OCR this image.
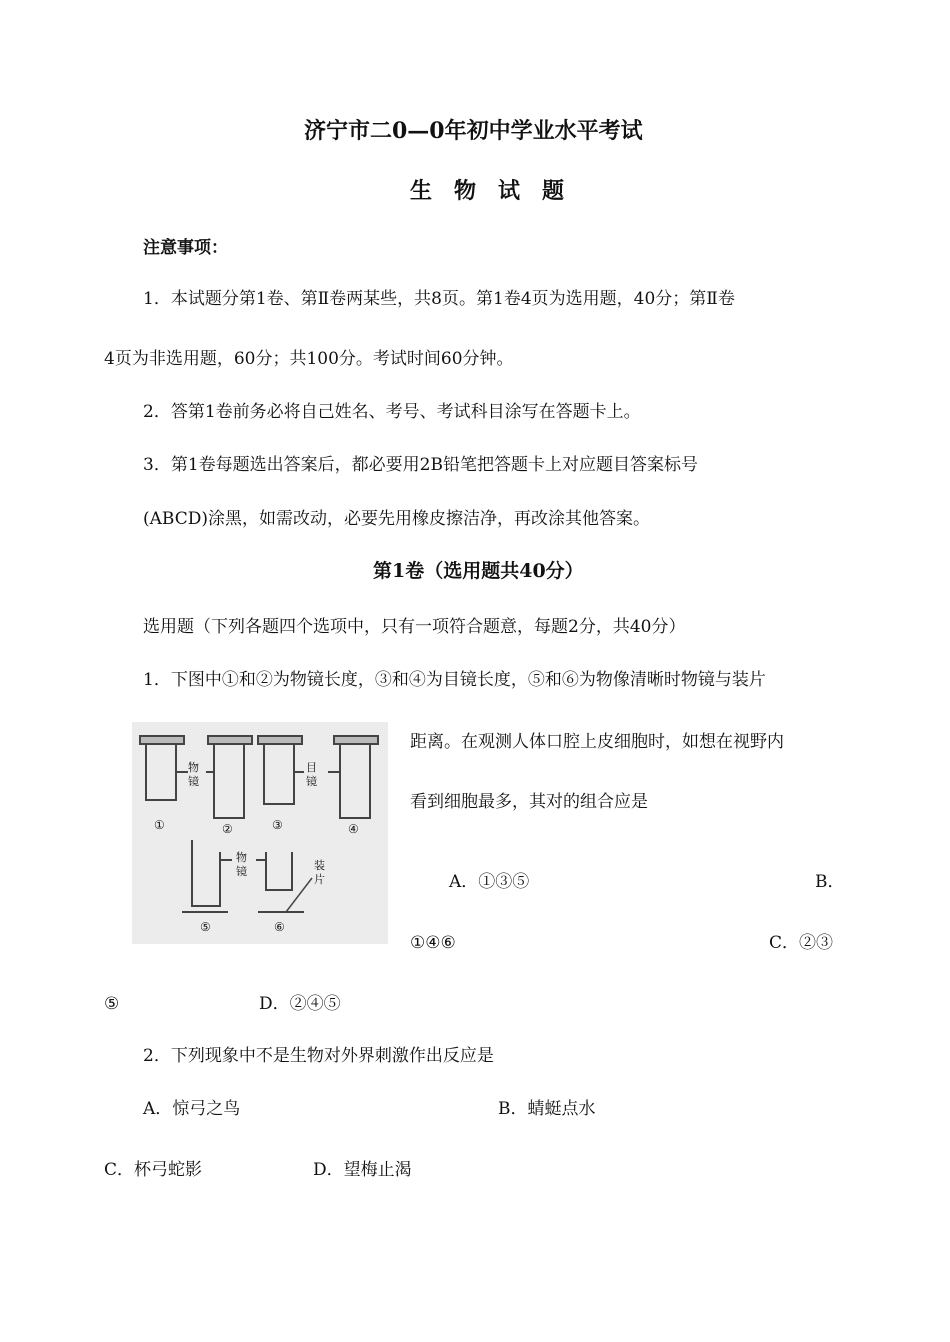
济宁市二0—0年初中学业水平考试
生　物　试　题
注意事项：
1．本试题分第1卷、第Ⅱ卷两某些，共8页。第1卷4页为选用题，40分；第Ⅱ卷
4页为非选用题，60分；共100分。考试时间60分钟。
2．答第1卷前务必将自己姓名、考号、考试科目涂写在答题卡上。
3．第1卷每题选出答案后，都必要用2B铅笔把答题卡上对应题目答案标号
(ABCD)涂黑，如需改动，必要先用橡皮擦洁净，再改涂其他答案。
第1卷（选用题共40分）
选用题（下列各题四个选项中，只有一项符合题意，每题2分，共40分）
1．下图中①和②为物镜长度，③和④为目镜长度，⑤和⑥为物像清晰时物镜与装片
物
镜
目
镜
物
镜	装
片
①	②	③	④
⑤	⑥
距离。在观测人体口腔上皮细胞时，如想在视野内
看到细胞最多，其对的组合应是
A．①③⑤	B．
①④⑥	C．②③
⑤	D．②④⑤
2．下列现象中不是生物对外界刺激作出反应是
A．惊弓之鸟	B．蜻蜓点水
C．杯弓蛇影	D．望梅止渴
